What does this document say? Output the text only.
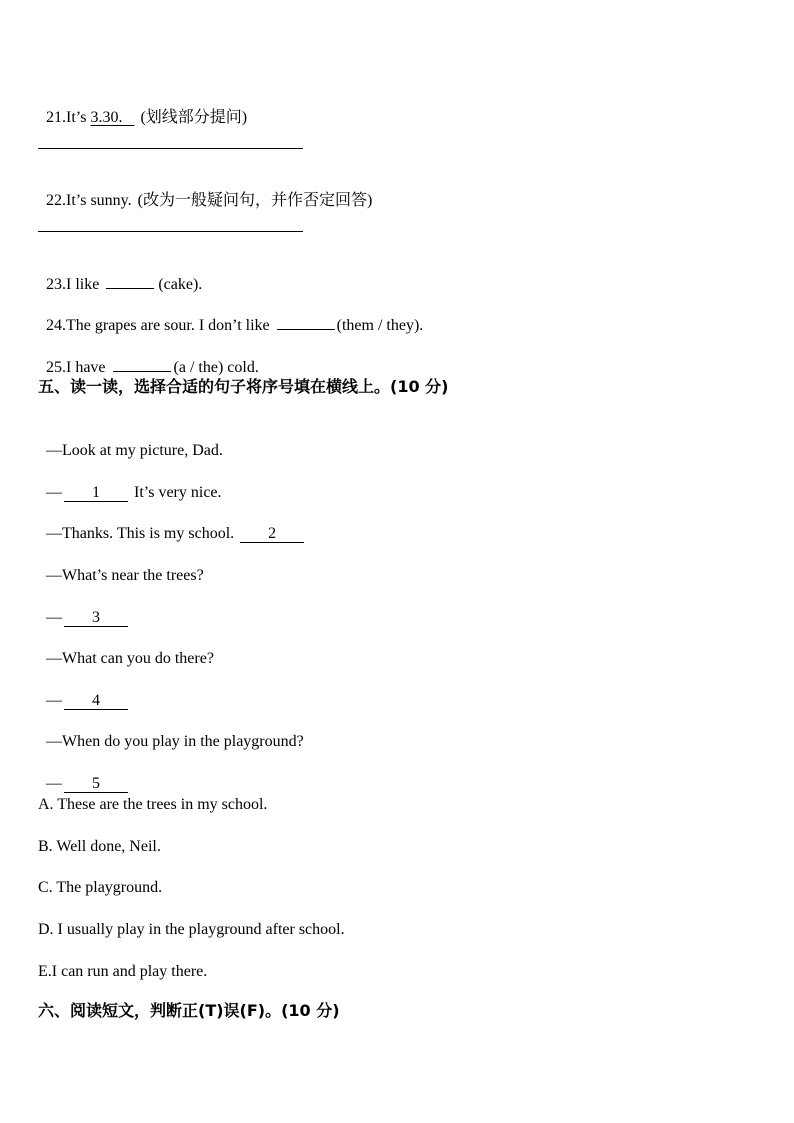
21.It’s 3.30. (划线部分提问)

22.It’s sunny. (改为一般疑问句，并作否定回答)

23.I like	(cake).

24.The grapes are sour. I don’t like	(them / they).

25.I have	(a / the) cold.

五、读一读，选择合适的句子将序号填在横线上。(10 分)

—Look at my picture, Dad.

— 1 It’s very nice.

—Thanks. This is my school. 2

—What’s near the trees?

— 3

—What can you do there?

— 4

—When do you play in the playground?

— 5

A. These are the trees in my school.
B. Well done, Neil.
C. The playground.
D. I usually play in the playground after school.
E.I can run and play there.
六、阅读短文，判断正(T)误(F)。(10 分)
